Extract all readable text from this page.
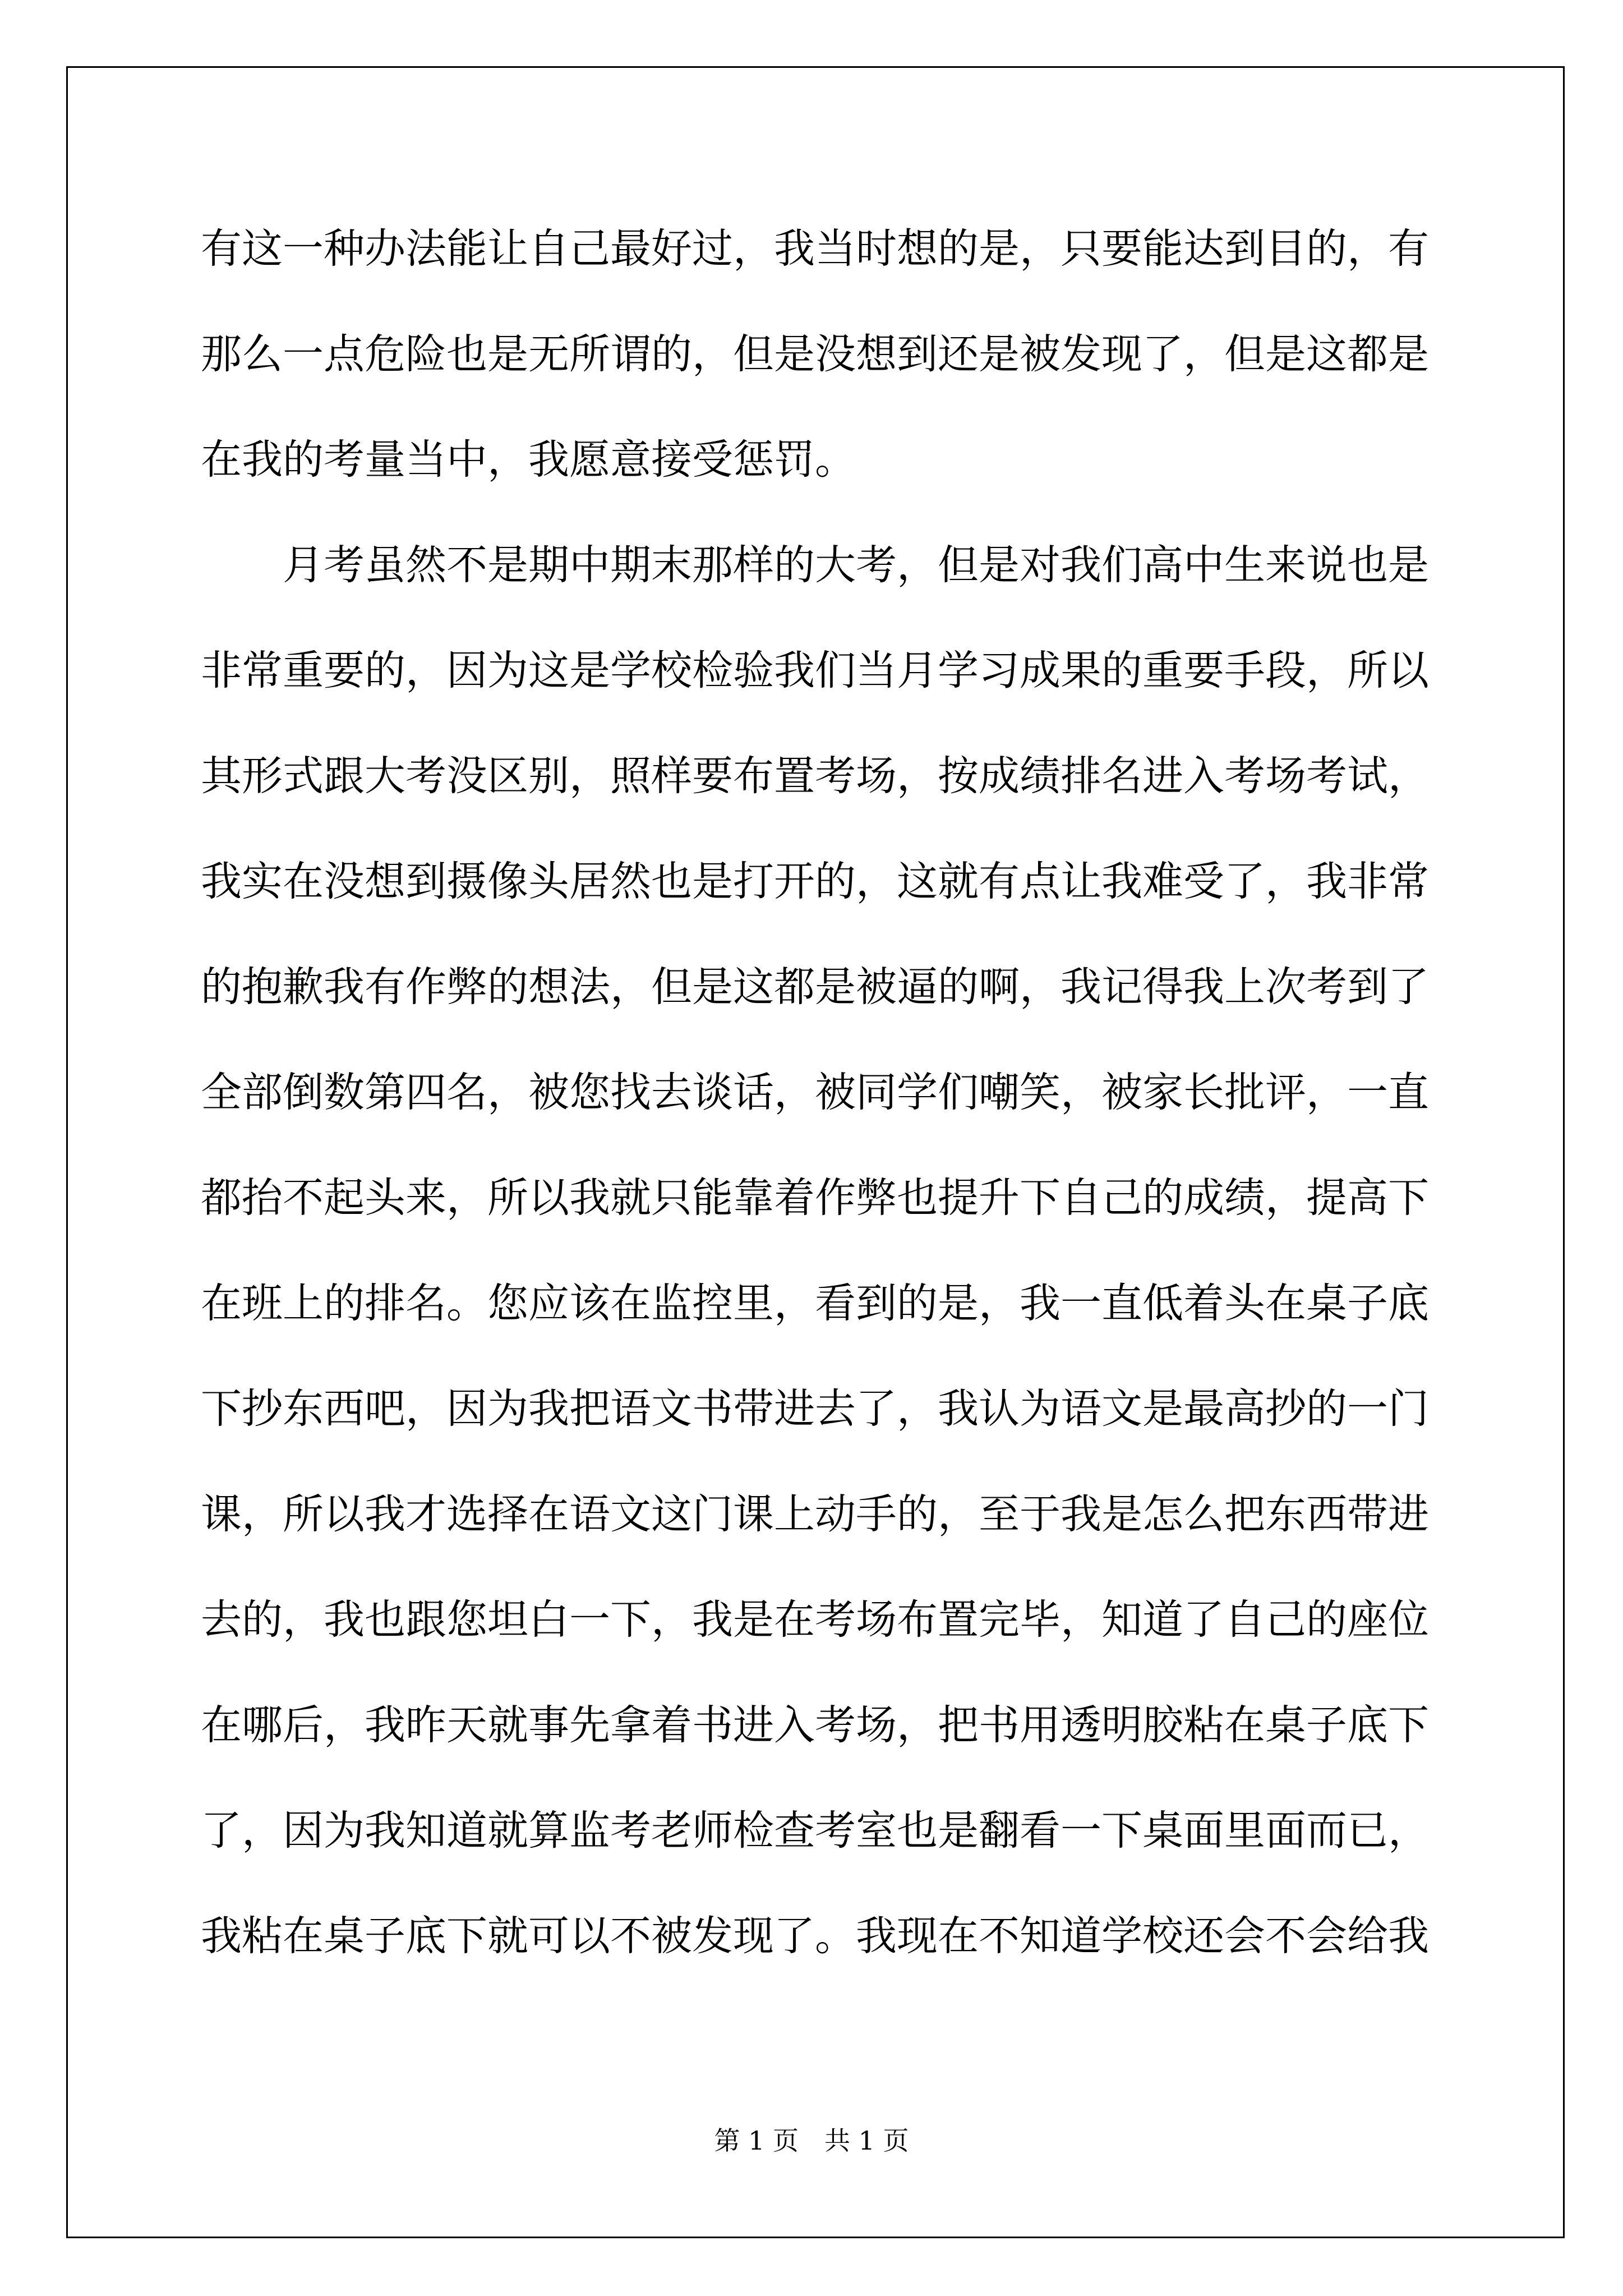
有这一种办法能让自己最好过，我当时想的是，只要能达到目的，有那么一点危险也是无所谓的，但是没想到还是被发现了，但是这都是在我的考量当中，我愿意接受惩罚。

月考虽然不是期中期末那样的大考，但是对我们高中生来说也是非常重要的，因为这是学校检验我们当月学习成果的重要手段，所以其形式跟大考没区别，照样要布置考场，按成绩排名进入考场考试，我实在没想到摄像头居然也是打开的，这就有点让我难受了，我非常的抱歉我有作弊的想法，但是这都是被逼的啊，我记得我上次考到了全部倒数第四名，被您找去谈话，被同学们嘲笑，被家长批评，一直都抬不起头来，所以我就只能靠着作弊也提升下自己的成绩，提高下在班上的排名。您应该在监控里，看到的是，我一直低着头在桌子底下抄东西吧，因为我把语文书带进去了，我认为语文是最高抄的一门课，所以我才选择在语文这门课上动手的，至于我是怎么把东西带进去的，我也跟您坦白一下，我是在考场布置完毕，知道了自己的座位在哪后，我昨天就事先拿着书进入考场，把书用透明胶粘在桌子底下了，因为我知道就算监考老师检查考室也是翻看一下桌面里面而已，我粘在桌子底下就可以不被发现了。我现在不知道学校还会不会给我

第 1 页　共 1 页
